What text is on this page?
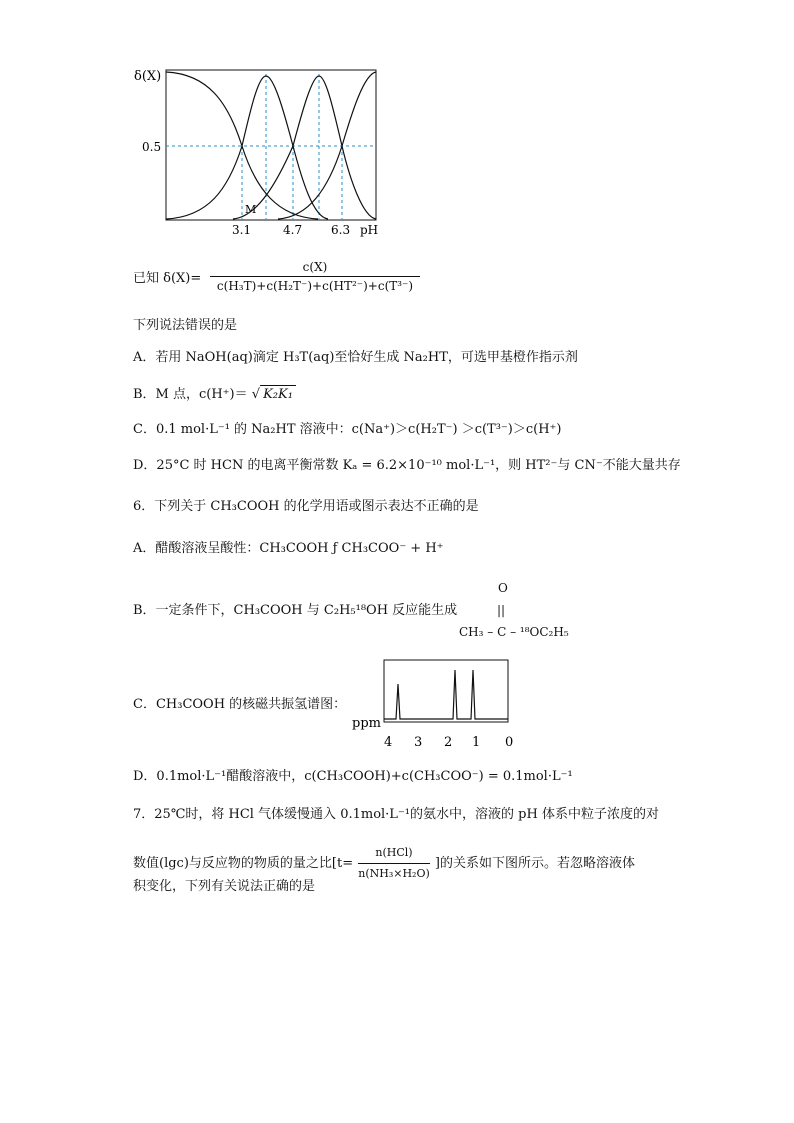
δ(X)
0.5
M
3.1	4.7 6.3 pH
已知 $\delta(X)= \frac{c(X)}{\text{c(H₃T)+c(H₂T⁻)+c(HT²⁻)+c(T³⁻)}}$
下列说法错误的是
A．若用 NaOH(aq)滴定 H₃T(aq)至恰好生成 Na₂HT，可选甲基橙作指示剂
B．M 点，c(H⁺)＝ √ K₂K₁
C．0.1 mol·L⁻¹ 的 Na₂HT 溶液中：c(Na⁺)＞c(H₂T⁻) ＞c(T³⁻)＞c(H⁺)
D．25°C 时 HCN 的电离平衡常数 Kₐ = 6.2×10⁻¹⁰ mol·L⁻¹，则 HT²⁻与 CN⁻不能大量共存
6．下列关于 CH₃COOH 的化学用语或图示表达不正确的是
A．醋酸溶液呈酸性：CH₃COOH ƒ CH₃COO⁻ + H⁺
B．一定条件下，CH₃COOH 与 C₂H₅¹⁸OH 反应能生成
O
||
CH₃ – C – ¹⁸OC₂H₅
C．CH₃COOH 的核磁共振氢谱图：
ppm
4 3 2 1 0
D．0.1mol·L⁻¹醋酸溶液中，c(CH₃COOH)+c(CH₃COO⁻) = 0.1mol·L⁻¹
7．25℃时，将 HCl 气体缓慢通入 0.1mol·L⁻¹的氨水中，溶液的 pH 体系中粒子浓度的对
数值(lgc)与反应物的物质的量之比[t=
n(HCl)
n(NH₃×H₂O)
]的关系如下图所示。若忽略溶液体
积变化，下列有关说法正确的是
